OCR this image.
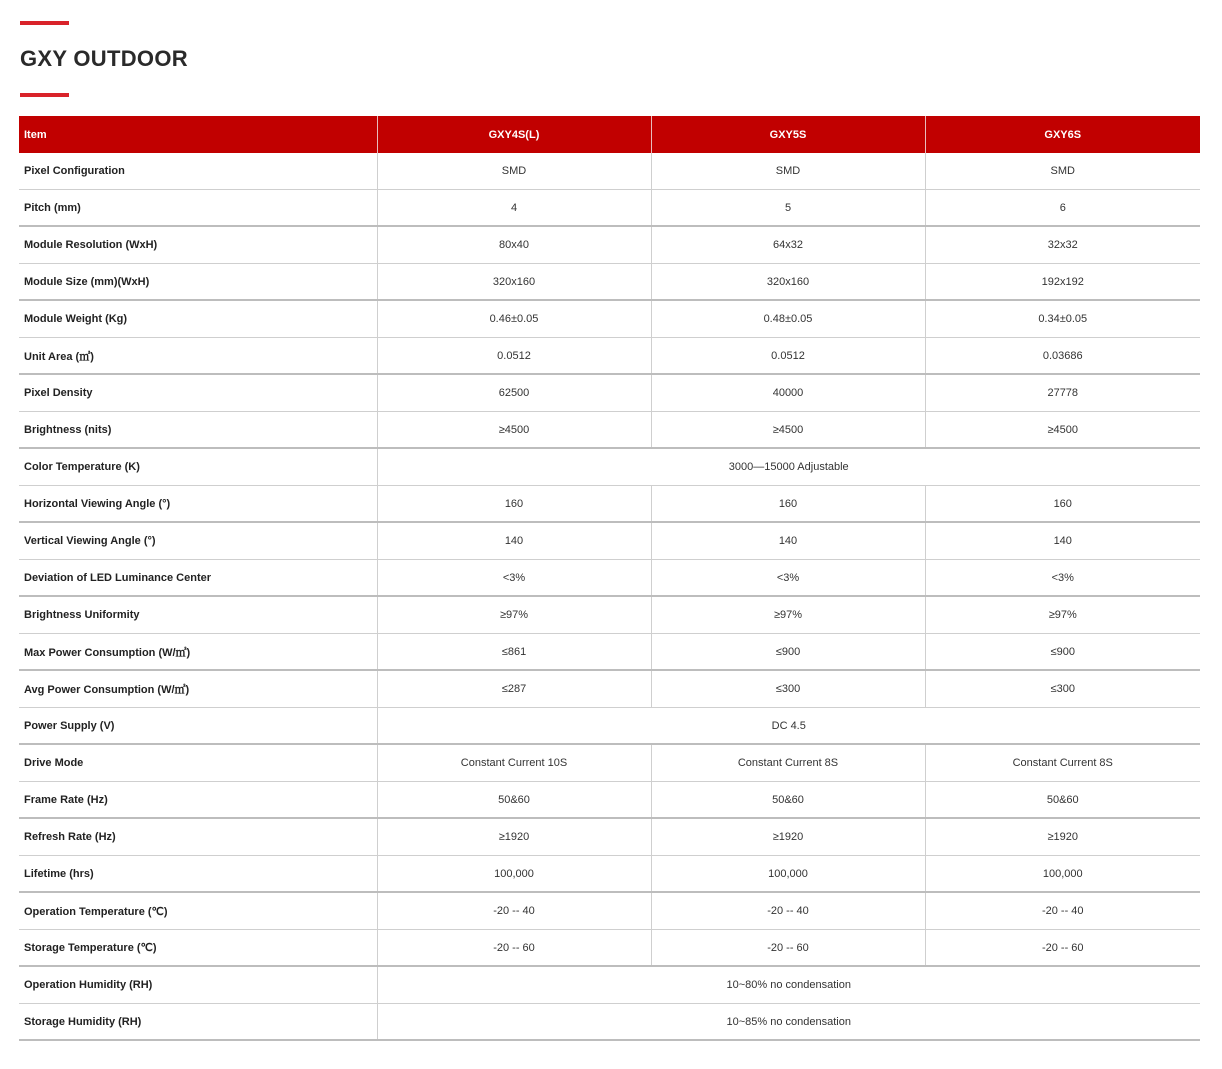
GXY OUTDOOR
Item	GXY4S(L)	GXY5S	GXY6S
Pixel Configuration	SMD	SMD	SMD
Pitch (mm)	4	5	6
Module Resolution (WxH)	80x40	64x32	32x32
Module Size (mm)(WxH)	320x160	320x160	192x192
Module Weight (Kg)	0.46±0.05	0.48±0.05	0.34±0.05
Unit Area (㎡)	0.0512	0.0512	0.03686
Pixel Density	62500	40000	27778
Brightness (nits)	≥4500	≥4500	≥4500
Color Temperature (K)	3000—15000 Adjustable		
Horizontal Viewing Angle (°)	160	160	160
Vertical Viewing Angle (°)	140	140	140
Deviation of LED Luminance Center	<3%	<3%	<3%
Brightness Uniformity	≥97%	≥97%	≥97%
Max Power Consumption (W/㎡)	≤861	≤900	≤900
Avg Power Consumption (W/㎡)	≤287	≤300	≤300
Power Supply (V)	DC 4.5		
Drive Mode	Constant Current 10S	Constant Current 8S	Constant Current 8S
Frame Rate (Hz)	50&60	50&60	50&60
Refresh Rate (Hz)	≥1920	≥1920	≥1920
Lifetime (hrs)	100,000	100,000	100,000
Operation Temperature (℃)	-20 -- 40	-20 -- 40	-20 -- 40
Storage Temperature (℃)	-20 -- 60	-20 -- 60	-20 -- 60
Operation Humidity (RH)	10~80% no condensation		
Storage Humidity (RH)	10~85% no condensation		
